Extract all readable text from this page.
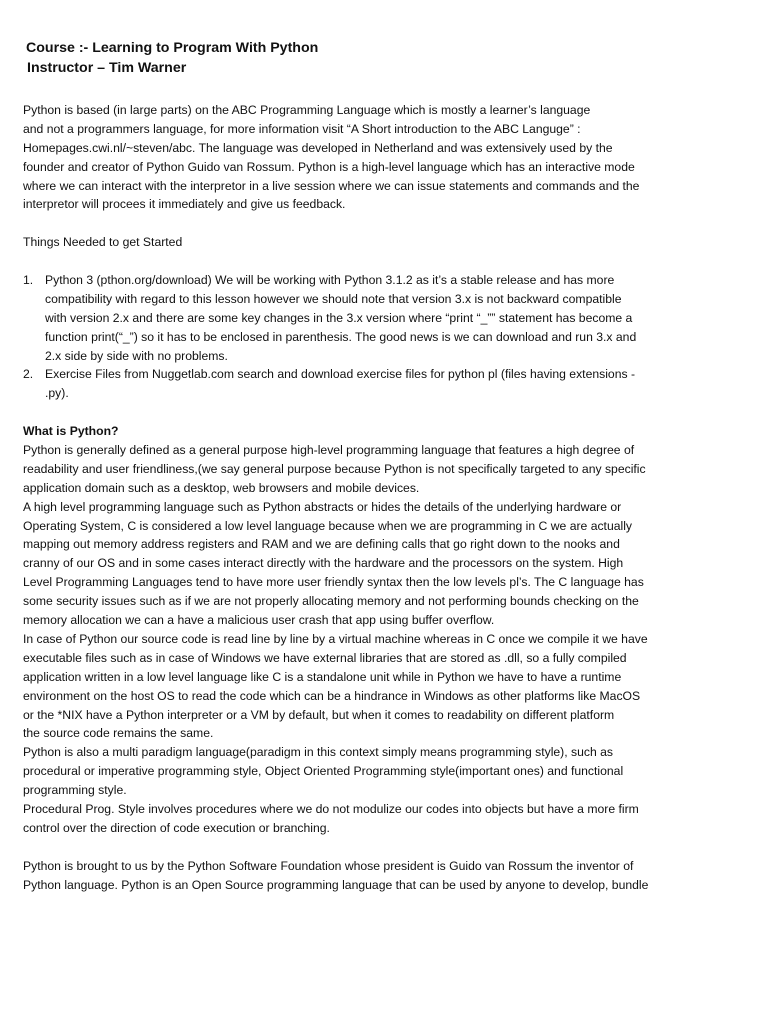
Course :- Learning to Program With Python
Instructor – Tim Warner
Python is based (in large parts) on the ABC Programming Language which is mostly a learner’s language
and not a programmers language, for more information visit “A Short introduction to the ABC Languge” :
Homepages.cwi.nl/~steven/abc. The language was developed in Netherland and was extensively used by the
founder and creator of Python Guido van Rossum. Python is a high-level language which has an interactive mode
where we can interact with the interpretor in a live session where we can issue statements and commands and the
interpretor will procees it immediately and give us feedback.
Things Needed to get Started
1. Python 3 (pthon.org/download) We will be working with Python 3.1.2 as it’s a stable release and has more
compatibility with regard to this lesson however we should note that version 3.x is not backward compatible
with version 2.x and there are some key changes in the 3.x version where “print “_”” statement has become a
function print(“_”) so it has to be enclosed in parenthesis. The good news is we can download and run 3.x and
2.x side by side with no problems.
2. Exercise Files from Nuggetlab.com search and download exercise files for python pl (files having extensions -
.py).
What is Python?
Python is generally defined as a general purpose high-level programming language that features a high degree of
readability and user friendliness,(we say general purpose because Python is not specifically targeted to any specific
application domain such as a desktop, web browsers and mobile devices.
A high level programming language such as Python abstracts or hides the details of the underlying hardware or
Operating System, C is considered a low level language because when we are programming in C we are actually
mapping out memory address registers and RAM and we are defining calls that go right down to the nooks and
cranny of our OS and in some cases interact directly with the hardware and the processors on the system. High
Level Programming Languages tend to have more user friendly syntax then the low levels pl’s. The C language has
some security issues such as if we are not properly allocating memory and not performing bounds checking on the
memory allocation we can a have a malicious user crash that app using buffer overflow.
In case of Python our source code is read line by line by a virtual machine whereas in C once we compile it we have
executable files such as in case of Windows we have external libraries that are stored as .dll, so a fully compiled
application written in a low level language like C is a standalone unit while in Python we have to have a runtime
environment on the host OS to read the code which can be a hindrance in Windows as other platforms like MacOS
or the *NIX have a Python interpreter or a VM by default, but when it comes to readability on different platform
the source code remains the same.
Python is also a multi paradigm language(paradigm in this context simply means programming style), such as
procedural or imperative programming style, Object Oriented Programming style(important ones) and functional
programming style.
Procedural Prog. Style involves procedures where we do not modulize our codes into objects but have a more firm
control over the direction of code execution or branching.
Python is brought to us by the Python Software Foundation whose president is Guido van Rossum the inventor of
Python language. Python is an Open Source programming language that can be used by anyone to develop, bundle
